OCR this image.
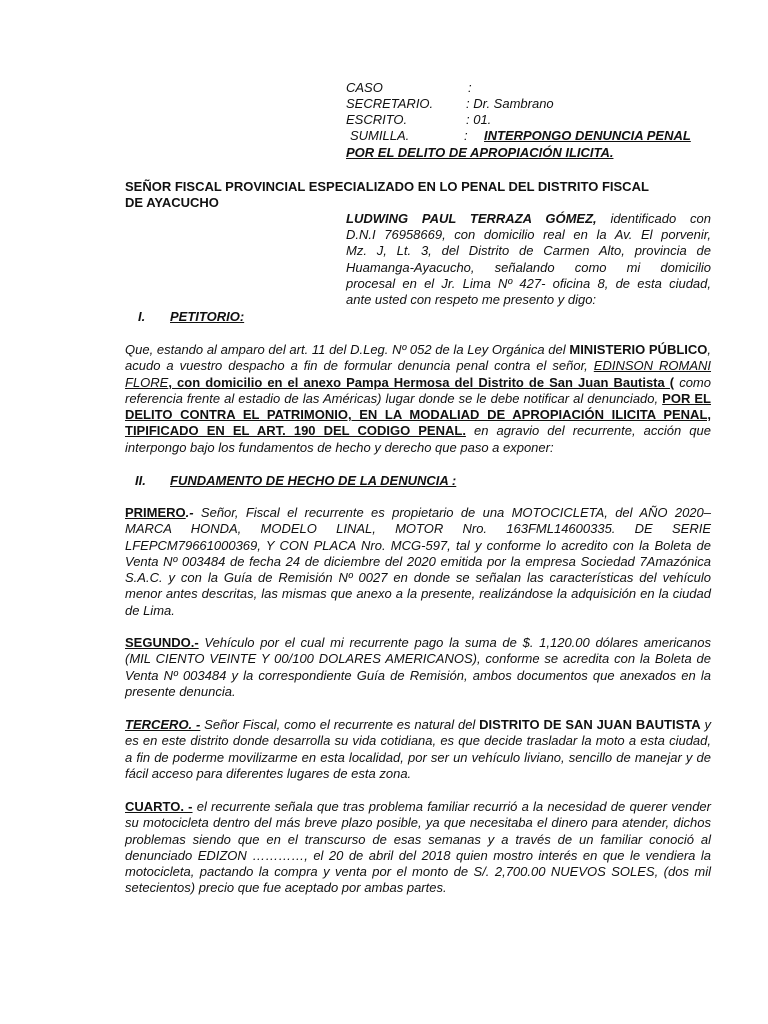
CASO	:
SECRETARIO.	: Dr. Sambrano
ESCRITO.	: 01.
SUMILLA.	: INTERPONGO DENUNCIA PENAL
POR EL DELITO DE APROPIACIÓN ILICITA.
SEÑOR FISCAL PROVINCIAL ESPECIALIZADO EN LO PENAL DEL DISTRITO FISCAL
DE AYACUCHO
LUDWING PAUL TERRAZA GÓMEZ, identificado con
D.N.I 76958669, con domicilio real en la Av. El porvenir,
Mz. J, Lt. 3, del Distrito de Carmen Alto, provincia de
Huamanga-Ayacucho, señalando como mi domicilio
procesal en el Jr. Lima Nº 427- oficina 8, de esta ciudad,
ante usted con respeto me presento y digo:
I. PETITORIO:

Que, estando al amparo del art. 11 del D.Leg. Nº 052 de la Ley Orgánica del MINISTERIO PÚBLICO, acudo a vuestro despacho a fin de formular denuncia penal contra el señor, EDINSON ROMANI FLORE, con domicilio en el anexo Pampa Hermosa del Distrito de San Juan Bautista ( como referencia frente al estadio de las Américas) lugar donde se le debe notificar al denunciado, POR EL DELITO CONTRA EL PATRIMONIO, EN LA MODALIAD DE APROPIACIÓN ILICITA PENAL, TIPIFICADO EN EL ART. 190 DEL CODIGO PENAL. en agravio del recurrente, acción que interpongo bajo los fundamentos de hecho y derecho que paso a exponer:

II. FUNDAMENTO DE HECHO DE LA DENUNCIA :

PRIMERO.- Señor, Fiscal el recurrente es propietario de una MOTOCICLETA, del AÑO 2020– MARCA HONDA, MODELO LINAL, MOTOR Nro. 163FML14600335. DE SERIE LFEPCM79661000369, Y CON PLACA Nro. MCG-597, tal y conforme lo acredito con la Boleta de Venta Nº 003484 de fecha 24 de diciembre del 2020 emitida por la empresa Sociedad 7Amazónica S.A.C. y con la Guía de Remisión Nº 0027 en donde se señalan las características del vehículo menor antes descritas, las mismas que anexo a la presente, realizándose la adquisición en la ciudad de Lima.

SEGUNDO.- Vehículo por el cual mi recurrente pago la suma de $. 1,120.00 dólares americanos (MIL CIENTO VEINTE Y 00/100 DOLARES AMERICANOS), conforme se acredita con la Boleta de Venta Nº 003484 y la correspondiente Guía de Remisión, ambos documentos que anexados en la presente denuncia.

TERCERO. - Señor Fiscal, como el recurrente es natural del DISTRITO DE SAN JUAN BAUTISTA y es en este distrito donde desarrolla su vida cotidiana, es que decide trasladar la moto a esta ciudad, a fin de poderme movilizarme en esta localidad, por ser un vehículo liviano, sencillo de manejar y de fácil acceso para diferentes lugares de esta zona.

CUARTO. - el recurrente señala que tras problema familiar recurrió a la necesidad de querer vender su motocicleta dentro del más breve plazo posible, ya que necesitaba el dinero para atender, dichos problemas siendo que en el transcurso de esas semanas y a través de un familiar conoció al denunciado EDIZON …………, el 20 de abril del 2018 quien mostro interés en que le vendiera la motocicleta, pactando la compra y venta por el monto de S/. 2,700.00 NUEVOS SOLES, (dos mil setecientos) precio que fue aceptado por ambas partes.
